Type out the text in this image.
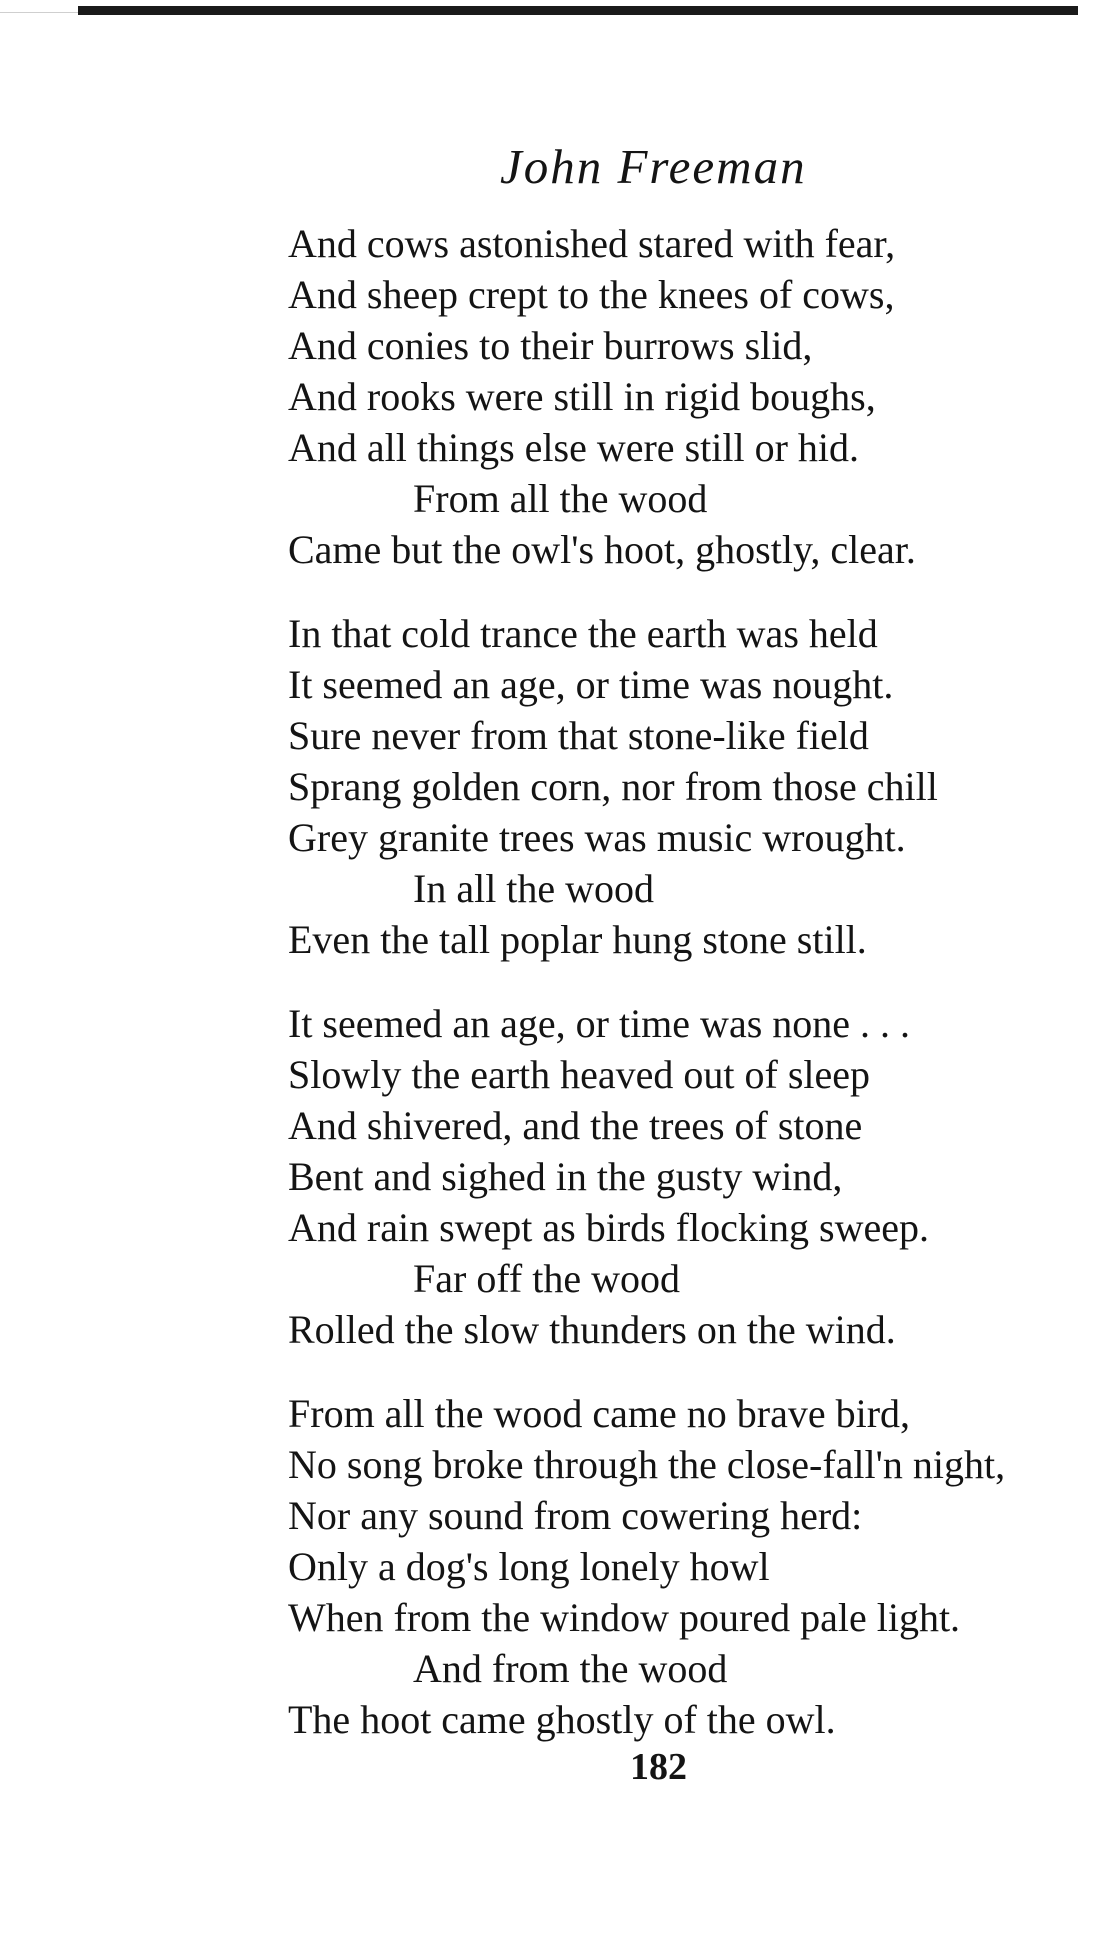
John Freeman
And cows astonished stared with fear,
And sheep crept to the knees of cows,
And conies to their burrows slid,
And rooks were still in rigid boughs,
And all things else were still or hid.
From all the wood
Came but the owl's hoot, ghostly, clear.
In that cold trance the earth was held
It seemed an age, or time was nought.
Sure never from that stone-like field
Sprang golden corn, nor from those chill
Grey granite trees was music wrought.
In all the wood
Even the tall poplar hung stone still.
It seemed an age, or time was none . . .
Slowly the earth heaved out of sleep
And shivered, and the trees of stone
Bent and sighed in the gusty wind,
And rain swept as birds flocking sweep.
Far off the wood
Rolled the slow thunders on the wind.
From all the wood came no brave bird,
No song broke through the close-fall'n night,
Nor any sound from cowering herd:
Only a dog's long lonely howl
When from the window poured pale light.
And from the wood
The hoot came ghostly of the owl.
182
